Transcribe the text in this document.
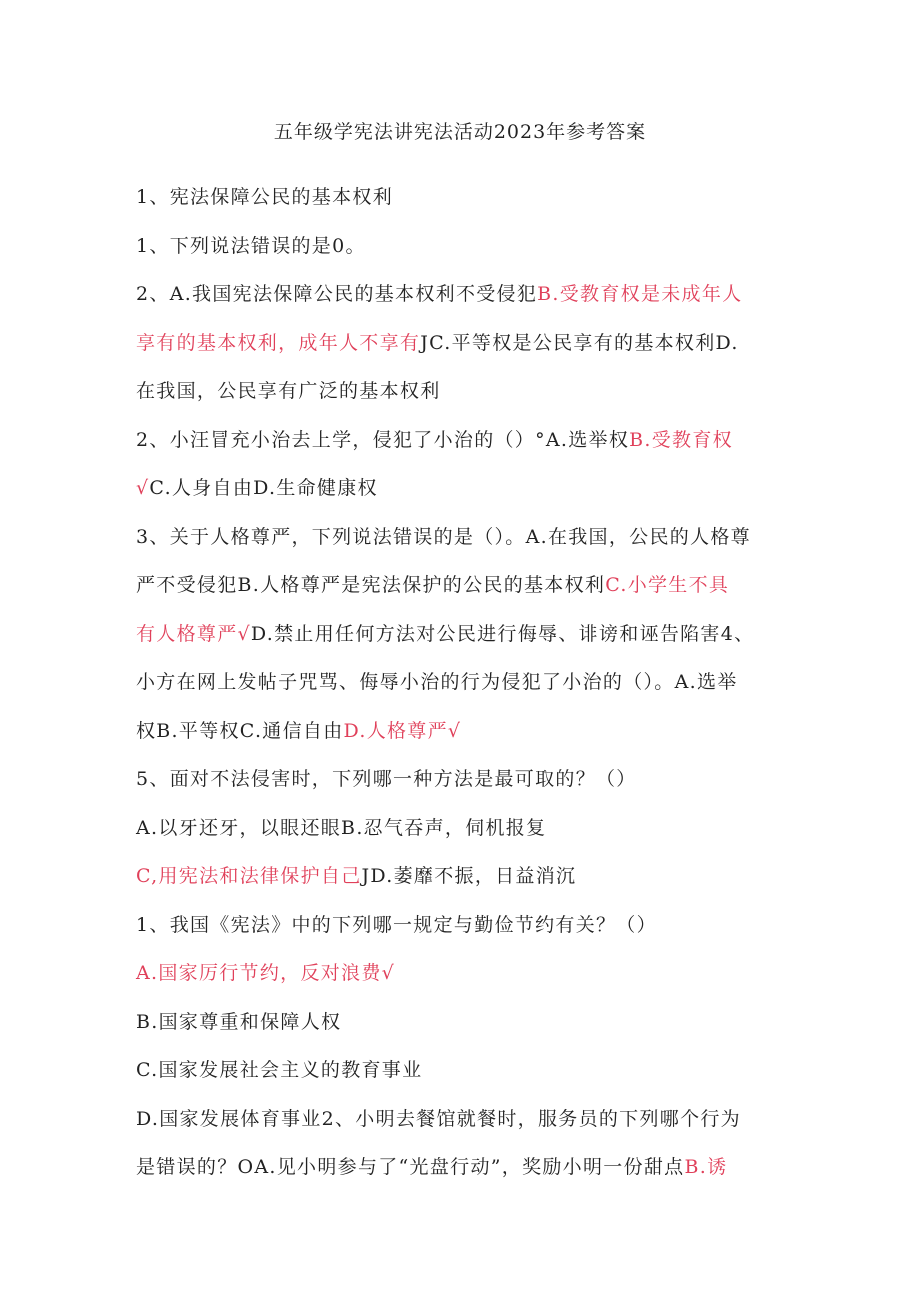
五年级学宪法讲宪法活动2023年参考答案
1、宪法保障公民的基本权利
1、下列说法错误的是0。
2、A.我国宪法保障公民的基本权利不受侵犯B.受教育权是未成年人
享有的基本权利，成年人不享有JC.平等权是公民享有的基本权利D.
在我国，公民享有广泛的基本权利
2、小汪冒充小治去上学，侵犯了小治的（）°A.选举权B.受教育权
√C.人身自由D.生命健康权
3、关于人格尊严，下列说法错误的是（）。A.在我国，公民的人格尊
严不受侵犯B.人格尊严是宪法保护的公民的基本权利C.小学生不具
有人格尊严√D.禁止用任何方法对公民进行侮辱、诽谤和诬告陷害4、
小方在网上发帖子咒骂、侮辱小治的行为侵犯了小治的（）。A.选举
权B.平等权C.通信自由D.人格尊严√
5、面对不法侵害时，下列哪一种方法是最可取的？（）
A.以牙还牙，以眼还眼B.忍气吞声，伺机报复
C,用宪法和法律保护自己JD.萎靡不振，日益消沉
1、我国《宪法》中的下列哪一规定与勤俭节约有关？（）
A.国家厉行节约，反对浪费√
B.国家尊重和保障人权
C.国家发展社会主义的教育事业
D.国家发展体育事业2、小明去餐馆就餐时，服务员的下列哪个行为
是错误的？OA.见小明参与了“光盘行动”，奖励小明一份甜点B.诱
